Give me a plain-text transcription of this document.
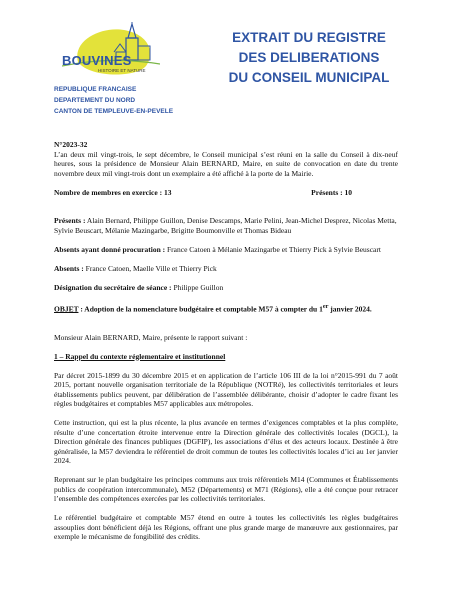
BOUVINES
HISTOIRE ET NATURE
EXTRAIT DU REGISTRE
DES DELIBERATIONS
DU CONSEIL MUNICIPAL
REPUBLIQUE FRANCAISE
DEPARTEMENT DU NORD
CANTON DE TEMPLEUVE-EN-PEVELE

N°2023-32

L’an deux mil vingt-trois, le sept décembre, le Conseil municipal s’est réuni en la salle du Conseil à dix-neuf heures, sous la présidence de Monsieur Alain BERNARD, Maire, en suite de convocation en date du trente novembre deux mil vingt-trois dont un exemplaire a été affiché à la porte de la Mairie.

Nombre de membres en exercice : 13	Présents : 10

Présents : Alain Bernard, Philippe Guillon, Denise Descamps, Marie Pelini, Jean-Michel Desprez, Nicolas Metta, Sylvie Beuscart, Mélanie Mazingarbe, Brigitte Boumonville et Thomas Bideau

Absents ayant donné procuration : France Catoen à Mélanie Mazingarbe et Thierry Pick à Sylvie Beuscart

Absents : France Catoen, Maelle Ville et Thierry Pick

Désignation du secrétaire de séance : Philippe Guillon

OBJET : Adoption de la nomenclature budgétaire et comptable M57 à compter du 1er janvier 2024.

Monsieur Alain BERNARD, Maire, présente le rapport suivant :

1 – Rappel du contexte réglementaire et institutionnel

Par décret 2015-1899 du 30 décembre 2015 et en application de l’article 106 III de la loi n°2015-991 du 7 août 2015, portant nouvelle organisation territoriale de la République (NOTRé), les collectivités territoriales et leurs établissements publics peuvent, par délibération de l’assemblée délibérante, choisir d’adopter le cadre fixant les règles budgétaires et comptables M57 applicables aux métropoles.

Cette instruction, qui est la plus récente, la plus avancée en termes d’exigences comptables et la plus complète, résulte d’une concertation étroite intervenue entre la Direction générale des collectivités locales (DGCL), la Direction générale des finances publiques (DGFIP), les associations d’élus et des acteurs locaux. Destinée à être généralisée, la M57 deviendra le référentiel de droit commun de toutes les collectivités locales d’ici au 1er janvier 2024.

Reprenant sur le plan budgétaire les principes communs aux trois référentiels M14 (Communes et Établissements publics de coopération intercommunale), M52 (Départements) et M71 (Régions), elle a été conçue pour retracer l’ensemble des compétences exercées par les collectivités territoriales.

Le référentiel budgétaire et comptable M57 étend en outre à toutes les collectivités les règles budgétaires assouplies dont bénéficient déjà les Régions, offrant une plus grande marge de manœuvre aux gestionnaires, par exemple le mécanisme de fongibilité des crédits.
